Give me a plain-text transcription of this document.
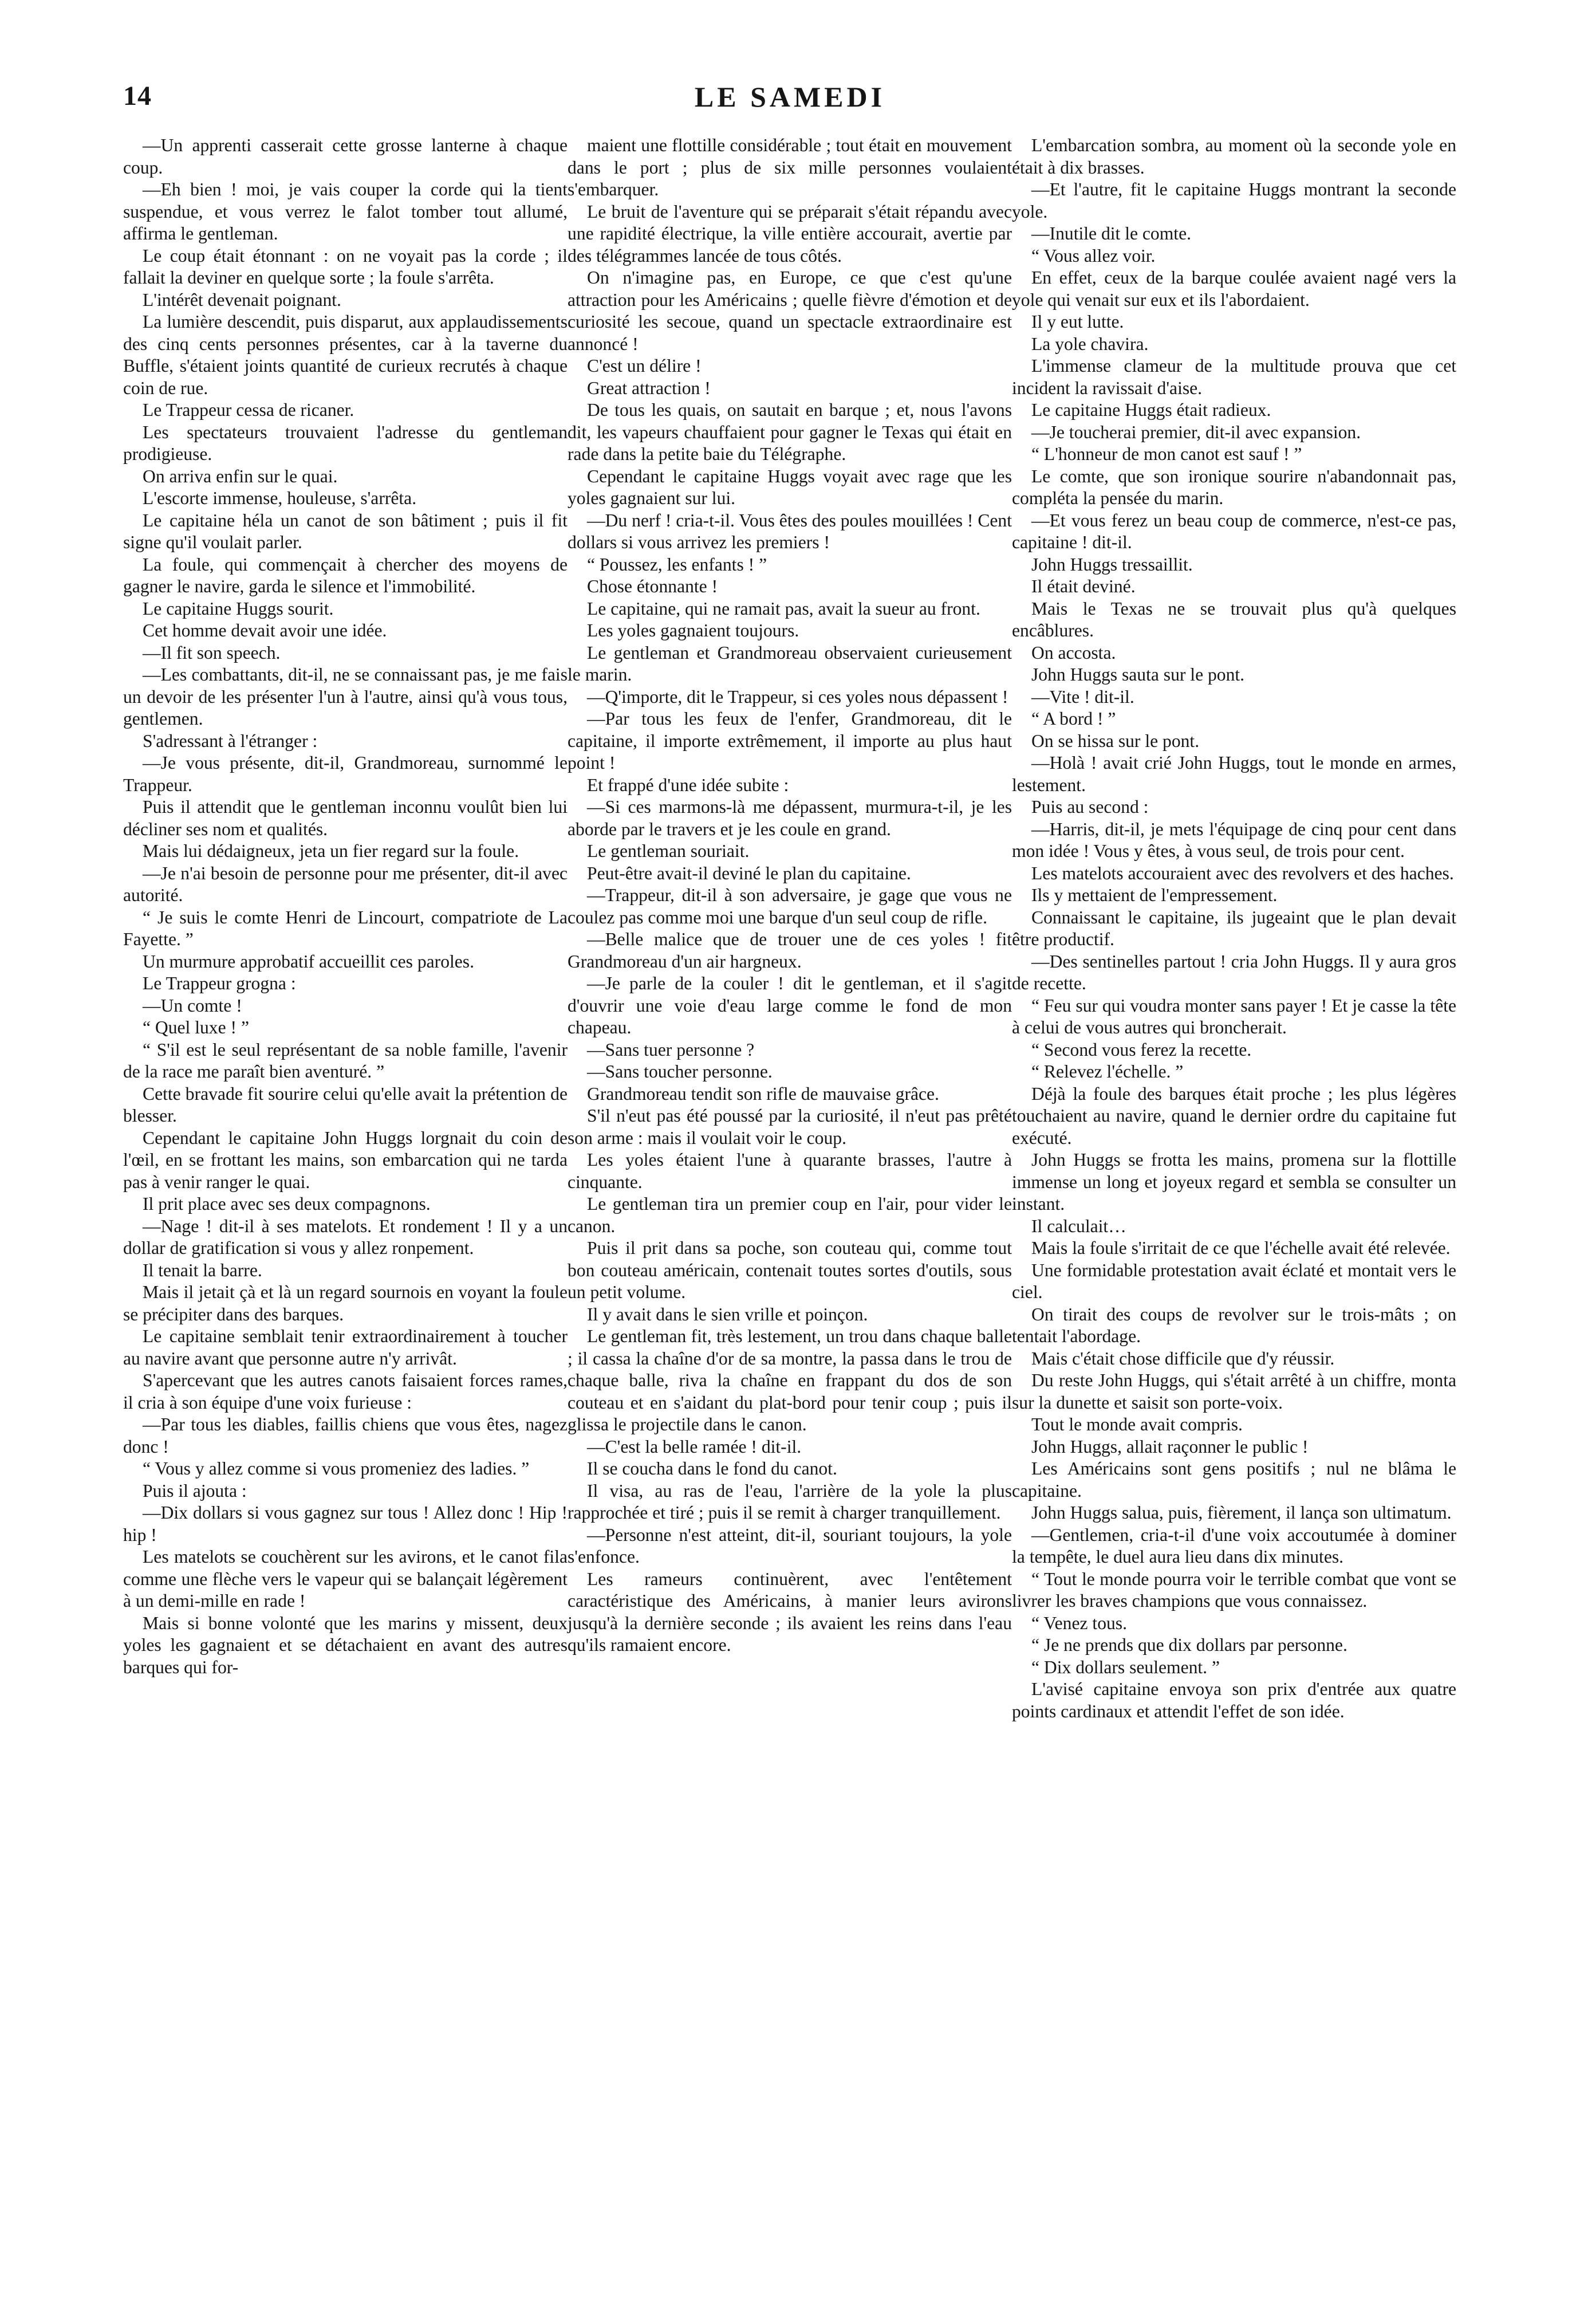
14	LE SAMEDI

—Un apprenti casserait cette grosse lanterne à chaque coup.

—Eh bien ! moi, je vais couper la corde qui la tient suspendue, et vous verrez le falot tomber tout allumé, affirma le gentleman.

Le coup était étonnant : on ne voyait pas la corde ; il fallait la deviner en quelque sorte ; la foule s'arrêta.

L'intérêt devenait poignant.

La lumière descendit, puis disparut, aux applaudissements des cinq cents personnes présentes, car à la taverne du Buffle, s'étaient joints quantité de curieux recrutés à chaque coin de rue.

Le Trappeur cessa de ricaner.

Les spectateurs trouvaient l'adresse du gentleman prodigieuse.

On arriva enfin sur le quai.

L'escorte immense, houleuse, s'arrêta.

Le capitaine héla un canot de son bâtiment ; puis il fit signe qu'il voulait parler.

La foule, qui commençait à chercher des moyens de gagner le navire, garda le silence et l'immobilité.

Le capitaine Huggs sourit.

Cet homme devait avoir une idée.

—Il fit son speech.

—Les combattants, dit-il, ne se connaissant pas, je me fais un devoir de les présenter l'un à l'autre, ainsi qu'à vous tous, gentlemen.

S'adressant à l'étranger :

—Je vous présente, dit-il, Grandmoreau, surnommé le Trappeur.

Puis il attendit que le gentleman inconnu voulût bien lui décliner ses nom et qualités.

Mais lui dédaigneux, jeta un fier regard sur la foule.

—Je n'ai besoin de personne pour me présenter, dit-il avec autorité.

“ Je suis le comte Henri de Lincourt, compatriote de La Fayette. ”

Un murmure approbatif accueillit ces paroles.

Le Trappeur grogna :

—Un comte !

“ Quel luxe ! ”

“ S'il est le seul représentant de sa noble famille, l'avenir de la race me paraît bien aventuré. ”

Cette bravade fit sourire celui qu'elle avait la prétention de blesser.

Cependant le capitaine John Huggs lorgnait du coin de l'œil, en se frottant les mains, son embarcation qui ne tarda pas à venir ranger le quai.

Il prit place avec ses deux compagnons.

—Nage ! dit-il à ses matelots. Et rondement ! Il y a un dollar de gratification si vous y allez ronpement.

Il tenait la barre.

Mais il jetait çà et là un regard sournois en voyant la foule se précipiter dans des barques.

Le capitaine semblait tenir extraordinairement à toucher au navire avant que personne autre n'y arrivât.

S'apercevant que les autres canots faisaient forces rames, il cria à son équipe d'une voix furieuse :

—Par tous les diables, faillis chiens que vous êtes, nagez donc !

“ Vous y allez comme si vous promeniez des ladies. ”

Puis il ajouta :

—Dix dollars si vous gagnez sur tous ! Allez donc ! Hip ! hip !

Les matelots se couchèrent sur les avirons, et le canot fila comme une flèche vers le vapeur qui se balançait légèrement à un demi-mille en rade !

Mais si bonne volonté que les marins y missent, deux yoles les gagnaient et se détachaient en avant des autres barques qui for-

maient une flottille considérable ; tout était en mouvement dans le port ; plus de six mille personnes voulaient s'embarquer.

Le bruit de l'aventure qui se préparait s'était répandu avec une rapidité électrique, la ville entière accourait, avertie par des télégrammes lancée de tous côtés.

On n'imagine pas, en Europe, ce que c'est qu'une attraction pour les Américains ; quelle fièvre d'émotion et de curiosité les secoue, quand un spectacle extraordinaire est annoncé !

C'est un délire !

Great attraction !

De tous les quais, on sautait en barque ; et, nous l'avons dit, les vapeurs chauffaient pour gagner le Texas qui était en rade dans la petite baie du Télégraphe.

Cependant le capitaine Huggs voyait avec rage que les yoles gagnaient sur lui.

—Du nerf ! cria-t-il. Vous êtes des poules mouillées ! Cent dollars si vous arrivez les premiers !

“ Poussez, les enfants ! ”

Chose étonnante !

Le capitaine, qui ne ramait pas, avait la sueur au front.

Les yoles gagnaient toujours.

Le gentleman et Grandmoreau observaient curieusement le marin.

—Q'importe, dit le Trappeur, si ces yoles nous dépassent !

—Par tous les feux de l'enfer, Grandmoreau, dit le capitaine, il importe extrêmement, il importe au plus haut point !

Et frappé d'une idée subite :

—Si ces marmons-là me dépassent, murmura-t-il, je les aborde par le travers et je les coule en grand.

Le gentleman souriait.

Peut-être avait-il deviné le plan du capitaine.

—Trappeur, dit-il à son adversaire, je gage que vous ne coulez pas comme moi une barque d'un seul coup de rifle.

—Belle malice que de trouer une de ces yoles ! fit Grandmoreau d'un air hargneux.

—Je parle de la couler ! dit le gentleman, et il s'agit d'ouvrir une voie d'eau large comme le fond de mon chapeau.

—Sans tuer personne ?

—Sans toucher personne.

Grandmoreau tendit son rifle de mauvaise grâce.

S'il n'eut pas été poussé par la curiosité, il n'eut pas prêté son arme : mais il voulait voir le coup.

Les yoles étaient l'une à quarante brasses, l'autre à cinquante.

Le gentleman tira un premier coup en l'air, pour vider le canon.

Puis il prit dans sa poche, son couteau qui, comme tout bon couteau américain, contenait toutes sortes d'outils, sous un petit volume.

Il y avait dans le sien vrille et poinçon.

Le gentleman fit, très lestement, un trou dans chaque balle ; il cassa la chaîne d'or de sa montre, la passa dans le trou de chaque balle, riva la chaîne en frappant du dos de son couteau et en s'aidant du plat-bord pour tenir coup ; puis il glissa le projectile dans le canon.

—C'est la belle ramée ! dit-il.

Il se coucha dans le fond du canot.

Il visa, au ras de l'eau, l'arrière de la yole la plus rapprochée et tiré ; puis il se remit à charger tranquillement.

—Personne n'est atteint, dit-il, souriant toujours, la yole s'enfonce.

Les rameurs continuèrent, avec l'entêtement caractéristique des Américains, à manier leurs avirons jusqu'à la dernière seconde ; ils avaient les reins dans l'eau qu'ils ramaient encore.

L'embarcation sombra, au moment où la seconde yole en était à dix brasses.

—Et l'autre, fit le capitaine Huggs montrant la seconde yole.

—Inutile dit le comte.

“ Vous allez voir.

En effet, ceux de la barque coulée avaient nagé vers la yole qui venait sur eux et ils l'abordaient.

Il y eut lutte.

La yole chavira.

L'immense clameur de la multitude prouva que cet incident la ravissait d'aise.

Le capitaine Huggs était radieux.

—Je toucherai premier, dit-il avec expansion.

“ L'honneur de mon canot est sauf ! ”

Le comte, que son ironique sourire n'abandonnait pas, compléta la pensée du marin.

—Et vous ferez un beau coup de commerce, n'est-ce pas, capitaine ! dit-il.

John Huggs tressaillit.

Il était deviné.

Mais le Texas ne se trouvait plus qu'à quelques encâblures.

On accosta.

John Huggs sauta sur le pont.

—Vite ! dit-il.

“ A bord ! ”

On se hissa sur le pont.

—Holà ! avait crié John Huggs, tout le monde en armes, lestement.

Puis au second :

—Harris, dit-il, je mets l'équipage de cinq pour cent dans mon idée ! Vous y êtes, à vous seul, de trois pour cent.

Les matelots accouraient avec des revolvers et des haches.

Ils y mettaient de l'empressement.

Connaissant le capitaine, ils jugeaint que le plan devait être productif.

—Des sentinelles partout ! cria John Huggs. Il y aura gros de recette.

“ Feu sur qui voudra monter sans payer ! Et je casse la tête à celui de vous autres qui broncherait.

“ Second vous ferez la recette.

“ Relevez l'échelle. ”

Déjà la foule des barques était proche ; les plus légères touchaient au navire, quand le dernier ordre du capitaine fut exécuté.

John Huggs se frotta les mains, promena sur la flottille immense un long et joyeux regard et sembla se consulter un instant.

Il calculait…

Mais la foule s'irritait de ce que l'échelle avait été relevée.

Une formidable protestation avait éclaté et montait vers le ciel.

On tirait des coups de revolver sur le trois-mâts ; on tentait l'abordage.

Mais c'était chose difficile que d'y réussir.

Du reste John Huggs, qui s'était arrêté à un chiffre, monta sur la dunette et saisit son porte-voix.

Tout le monde avait compris.

John Huggs, allait raçonner le public !

Les Américains sont gens positifs ; nul ne blâma le capitaine.

John Huggs salua, puis, fièrement, il lança son ultimatum.

—Gentlemen, cria-t-il d'une voix accoutumée à dominer la tempête, le duel aura lieu dans dix minutes.

“ Tout le monde pourra voir le terrible combat que vont se livrer les braves champions que vous connaissez.

“ Venez tous.

“ Je ne prends que dix dollars par personne.

“ Dix dollars seulement. ”

L'avisé capitaine envoya son prix d'entrée aux quatre points cardinaux et attendit l'effet de son idée.
